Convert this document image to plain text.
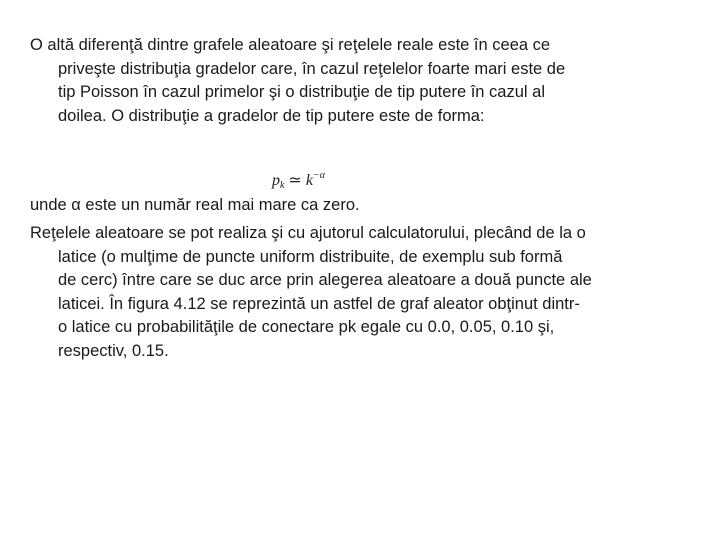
O altă diferenţă dintre grafele aleatoare şi reţelele reale este în ceea ce
priveşte distribuţia gradelor care, în cazul reţelelor foarte mari este de
tip Poisson în cazul primelor şi o distribuţie de tip putere în cazul al
doilea. O distribuţie a gradelor de tip putere este de forma:
$p_k$ ≃ $k^{-\alpha}$
unde α este un număr real mai mare ca zero.
Reţelele aleatoare se pot realiza şi cu ajutorul calculatorului, plecând de la o
latice (o mulţime de puncte uniform distribuite, de exemplu sub formă
de cerc) între care se duc arce prin alegerea aleatoare a două puncte ale
laticei. În figura 4.12 se reprezintă un astfel de graf aleator obţinut dintr-
o latice cu probabilităţile de conectare pk egale cu 0.0, 0.05, 0.10 şi,
respectiv, 0.15.
